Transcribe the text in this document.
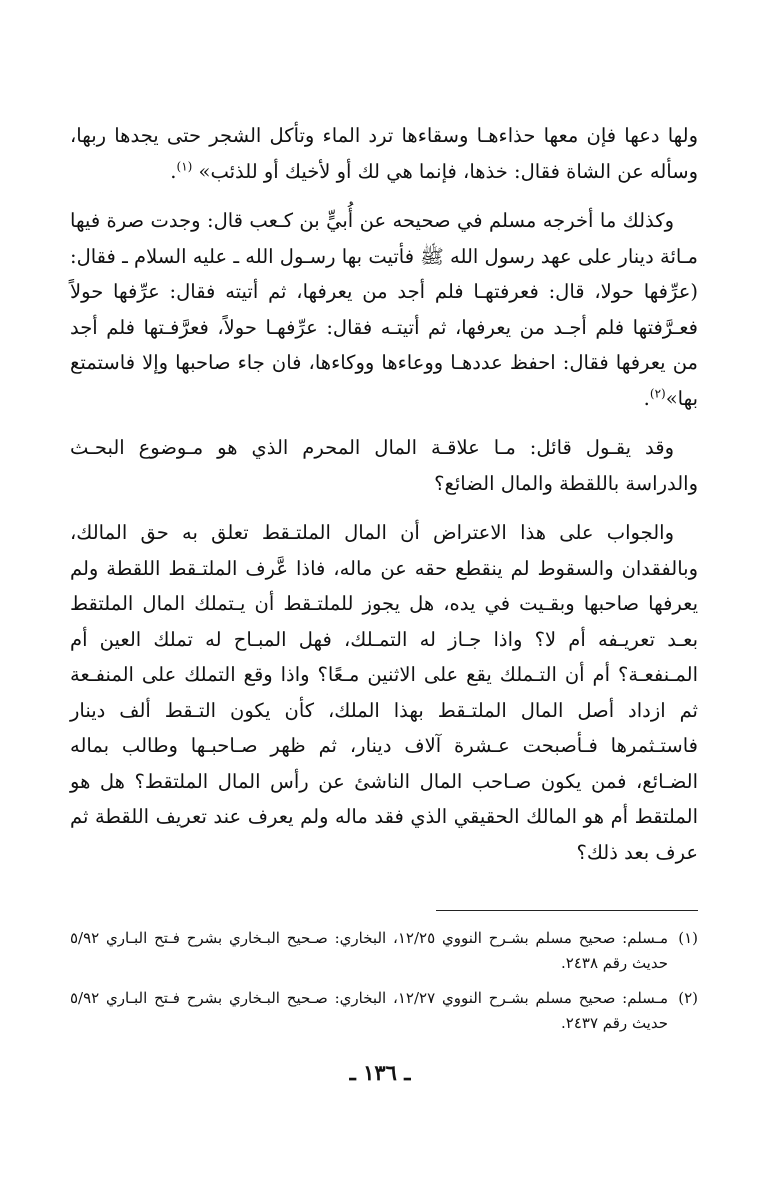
ولها دعها فإن معها حذاءهـا وسقاءها ترد الماء وتأكل الشجر حتى يجدها ربها، وسأله عن الشاة فقال: خذها، فإنما هي لك أو لأخيك أو للذئب» $^{(١)}$.

وكذلك ما أخرجه مسلم في صحيحه عن أُبيٍّ بن كـعب قال: وجدت صرة فيها مـائة دينار على عهد رسول الله ﷺ فأتيت بها رسـول الله ـ عليه السلام ـ فقال: (عرِّفها حولا، قال: فعرفتهـا فلم أجد من يعرفها، ثم أتيته فقال: عرِّفها حولاً فعـرَّفتها فلم أجـد من يعرفها، ثم أتيتـه فقال: عرِّفهـا حولاً، فعرَّفـتها فلم أجد من يعرفها فقال: احفظ عددهـا ووعاءها ووكاءها، فان جاء صاحبها وإلا فاستمتع بها»$^{(٢)}$.

وقد يقـول قائل: مـا علاقـة المال المحرم الذي هو مـوضوع البحـث والدراسة باللقطة والمال الضائع؟

والجواب على هذا الاعتراض أن المال الملتـقط تعلق به حق المالك، وبالفقدان والسقوط لم ينقطع حقه عن ماله، فاذا عَّرف الملتـقط اللقطة ولم يعرفها صاحبها وبقـيت في يده، هل يجوز للملتـقط أن يـتملك المال الملتقط بعـد تعريـفه أم لا؟ واذا جـاز له التمـلك، فهل المبـاح له تملك العين أم المـنفعـة؟ أم أن التـملك يقع على الاثنين مـعًا؟ واذا وقع التملك على المنفـعة ثم ازداد أصل المال الملتـقط بهذا الملك، كأن يكون التـقط ألف دينار فاستـثمرها فـأصبحت عـشرة آلاف دينار، ثم ظهر صـاحبـها وطالب بماله الضـائع، فمن يكون صـاحب المال الناشئ عن رأس المال الملتقط؟ هل هو الملتقط أم هو المالك الحقيقي الذي فقد ماله ولم يعرف عند تعريف اللقطة ثم عرف بعد ذلك؟

(١)
مـسلم: صحيح مسلم بشـرح النووي ١٢/٢٥، البخاري: صـحيح البـخاري بشرح فـتح البـاري ٥/٩٢ حديث رقم ٢٤٣٨.
(٢)
مـسلم: صحيح مسلم بشـرح النووي ١٢/٢٧، البخاري: صـحيح البـخاري بشرح فـتح البـاري ٥/٩٢ حديث رقم ٢٤٣٧.
ـ ١٣٦ ـ
